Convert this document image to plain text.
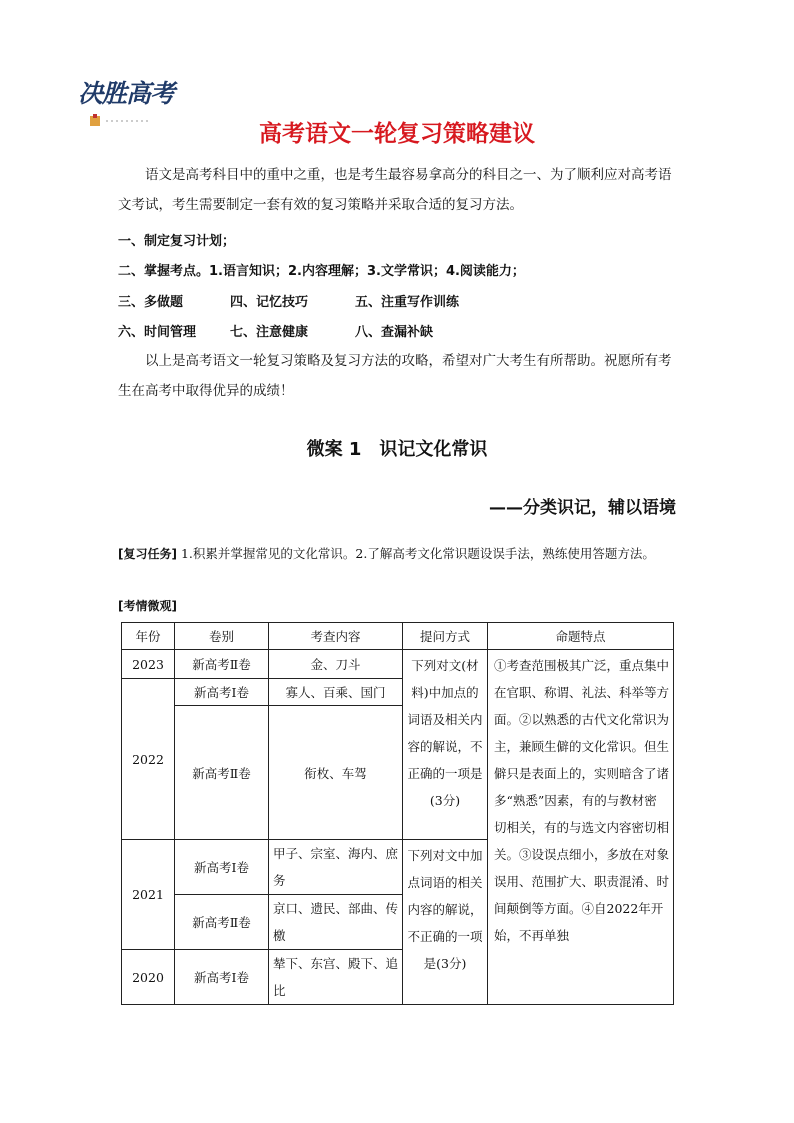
决胜高考
高考语文一轮复习策略建议
语文是高考科目中的重中之重，也是考生最容易拿高分的科目之一、为了顺利应对高考语文考试，考生需要制定一套有效的复习策略并采取合适的复习方法。
一、制定复习计划；
二、掌握考点。1.语言知识；2.内容理解；3.文学常识；4.阅读能力；
三、多做题	四、记忆技巧	五、注重写作训练
六、时间管理	七、注意健康	八、查漏补缺
以上是高考语文一轮复习策略及复习方法的攻略，希望对广大考生有所帮助。祝愿所有考生在高考中取得优异的成绩！
微案 1　识记文化常识
——分类识记，辅以语境
[复习任务] 1.积累并掌握常见的文化常识。2.了解高考文化常识题设误手法，熟练使用答题方法。
[考情微观]
年份	卷别	考查内容	提问方式	命题特点
2023	新高考Ⅱ卷	金、刀斗	下列对文(材料)中加点的词语及相关内容的解说，不正确的一项是(3分)	①考查范围极其广泛，重点集中在官职、称谓、礼法、科举等方面。②以熟悉的古代文化常识为主，兼顾生僻的文化常识。但生僻只是表面上的，实则暗含了诸多“熟悉”因素，有的与教材密切相关，有的与选文内容密切相关。③设误点细小，多放在对象误用、范围扩大、职责混淆、时间颠倒等方面。④自2022年开始，不再单独
2022	新高考Ⅰ卷	寡人、百乘、国门		
	新高考Ⅱ卷	衔枚、车驾		
2021	新高考Ⅰ卷	甲子、宗室、海内、庶务	下列对文中加点词语的相关内容的解说，不正确的一项是(3分)	
	新高考Ⅱ卷	京口、遗民、部曲、传檄		
2020	新高考Ⅰ卷	辇下、东宫、殿下、追比		
